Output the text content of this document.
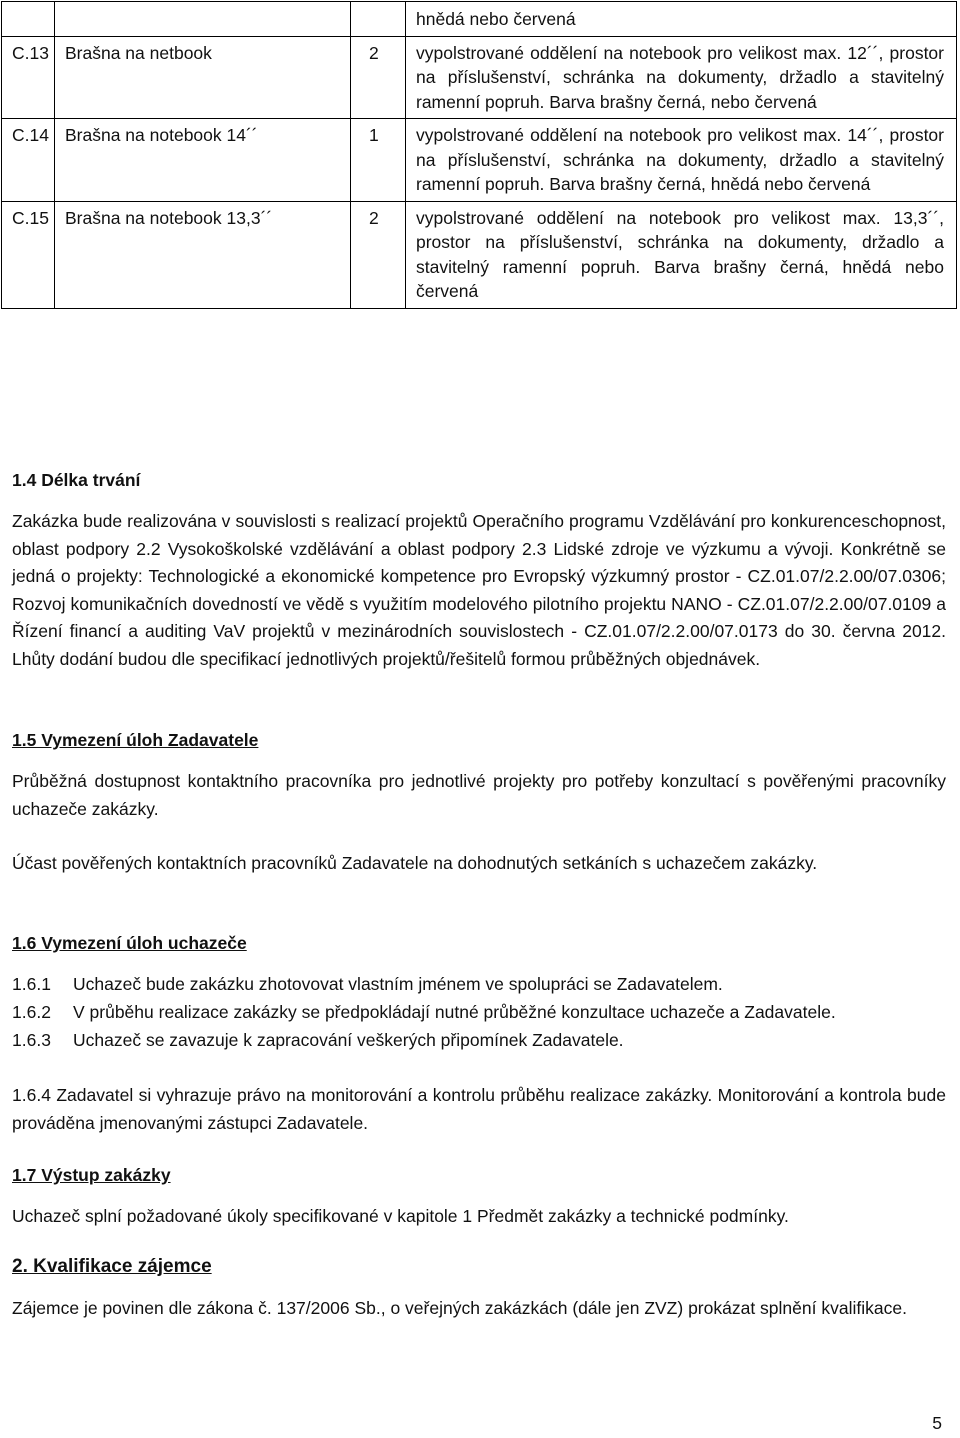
			hnědá nebo červená
C.13	Brašna na netbook	2	vypolstrované oddělení na notebook pro velikost max. 12´´, prostor na příslušenství, schránka na dokumenty, držadlo a stavitelný ramenní popruh. Barva brašny černá, nebo červená
C.14	Brašna na notebook 14´´	1	vypolstrované oddělení na notebook pro velikost max. 14´´, prostor na příslušenství, schránka na dokumenty, držadlo a stavitelný ramenní popruh. Barva brašny černá, hnědá nebo červená
C.15	Brašna na notebook 13,3´´	2	vypolstrované oddělení na notebook pro velikost max. 13,3´´, prostor na příslušenství, schránka na dokumenty, držadlo a stavitelný ramenní popruh. Barva brašny černá, hnědá nebo červená
1.4 Délka trvání
Zakázka bude realizována v souvislosti s realizací projektů Operačního programu Vzdělávání pro konkurenceschopnost, oblast podpory 2.2 Vysokoškolské vzdělávání a oblast podpory 2.3 Lidské zdroje ve výzkumu a vývoji. Konkrétně se jedná o projekty: Technologické a ekonomické kompetence pro Evropský výzkumný prostor - CZ.01.07/2.2.00/07.0306; Rozvoj komunikačních dovedností ve vědě s využitím modelového pilotního projektu NANO - CZ.01.07/2.2.00/07.0109 a Řízení financí a auditing VaV projektů v mezinárodních souvislostech - CZ.01.07/2.2.00/07.0173 do 30. června 2012. Lhůty dodání budou dle specifikací jednotlivých projektů/řešitelů formou průběžných objednávek.
1.5 Vymezení úloh Zadavatele
Průběžná dostupnost kontaktního pracovníka pro jednotlivé projekty pro potřeby konzultací s pověřenými pracovníky uchazeče zakázky.
Účast pověřených kontaktních pracovníků Zadavatele na dohodnutých setkáních s uchazečem zakázky.
1.6 Vymezení úloh uchazeče
1.6.1	Uchazeč bude zakázku zhotovovat vlastním jménem ve spolupráci se Zadavatelem.
1.6.2	V průběhu realizace zakázky se předpokládají nutné průběžné konzultace uchazeče a Zadavatele.
1.6.3	Uchazeč se zavazuje k zapracování veškerých připomínek Zadavatele.
1.6.4 Zadavatel si vyhrazuje právo na monitorování a kontrolu průběhu realizace zakázky. Monitorování a kontrola bude prováděna jmenovanými zástupci Zadavatele.
1.7 Výstup zakázky
Uchazeč splní požadované úkoly specifikované v kapitole 1 Předmět zakázky a technické podmínky.
2. Kvalifikace zájemce
Zájemce je povinen dle zákona č. 137/2006 Sb., o veřejných zakázkách (dále jen ZVZ) prokázat splnění kvalifikace.
5
